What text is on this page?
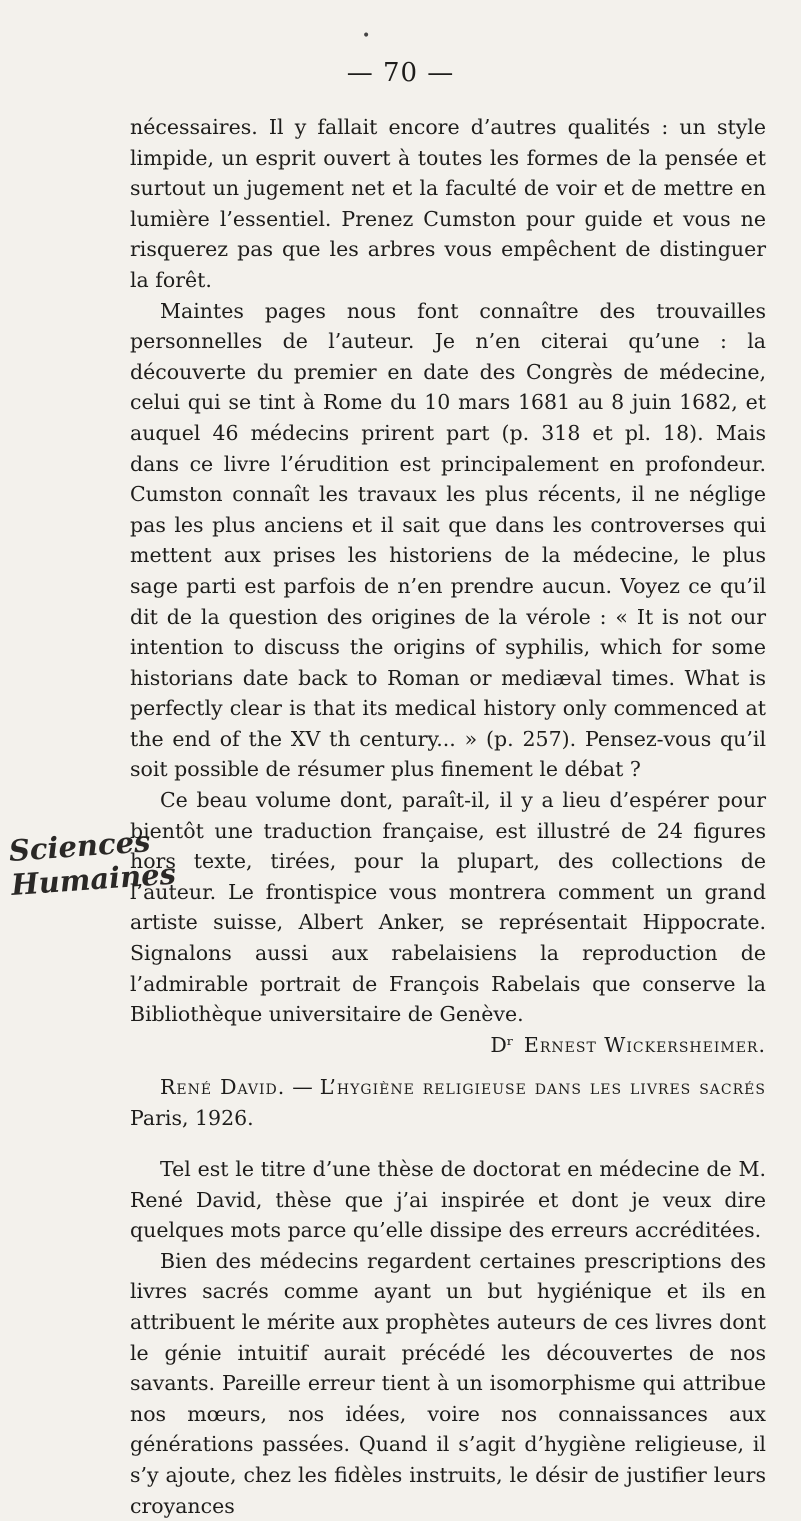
•
— 70 —
Sciences
Humaines

nécessaires. Il y fallait encore d’autres qualités : un style limpide, un esprit ouvert à toutes les formes de la pensée et surtout un jugement net et la faculté de voir et de mettre en lumière l’essentiel. Prenez Cumston pour guide et vous ne risquerez pas que les arbres vous empêchent de distinguer la forêt.

Maintes pages nous font connaître des trouvailles personnelles de l’auteur. Je n’en citerai qu’une : la découverte du premier en date des Congrès de médecine, celui qui se tint à Rome du 10 mars 1681 au 8 juin 1682, et auquel 46 médecins prirent part (p. 318 et pl. 18). Mais dans ce livre l’érudition est principalement en profondeur. Cumston connaît les travaux les plus récents, il ne néglige pas les plus anciens et il sait que dans les controverses qui mettent aux prises les historiens de la médecine, le plus sage parti est parfois de n’en prendre aucun. Voyez ce qu’il dit de la question des origines de la vérole : « It is not our intention to discuss the origins of syphilis, which for some historians date back to Roman or mediæval times. What is perfectly clear is that its medical history only commenced at the end of the XV th century... » (p. 257). Pensez-vous qu’il soit possible de résumer plus finement le débat ?

Ce beau volume dont, paraît-il, il y a lieu d’espérer pour bientôt une traduction française, est illustré de 24 figures hors texte, tirées, pour la plupart, des collections de l’auteur. Le frontispice vous montrera comment un grand artiste suisse, Albert Anker, se représentait Hippocrate. Signalons aussi aux rabelaisiens la reproduction de l’admirable portrait de François Rabelais que conserve la Bibliothèque universitaire de Genève.

Dʳ Ernest Wickersheimer.

René David. — L’hygiène religieuse dans les livres sacrés Paris, 1926.

Tel est le titre d’une thèse de doctorat en médecine de M. René David, thèse que j’ai inspirée et dont je veux dire quelques mots parce qu’elle dissipe des erreurs accréditées.

Bien des médecins regardent certaines prescriptions des livres sacrés comme ayant un but hygiénique et ils en attribuent le mérite aux prophètes auteurs de ces livres dont le génie intuitif aurait précédé les découvertes de nos savants. Pareille erreur tient à un isomorphisme qui attribue nos mœurs, nos idées, voire nos connaissances aux générations passées. Quand il s’agit d’hygiène religieuse, il s’y ajoute, chez les fidèles instruits, le désir de justifier leurs croyances
